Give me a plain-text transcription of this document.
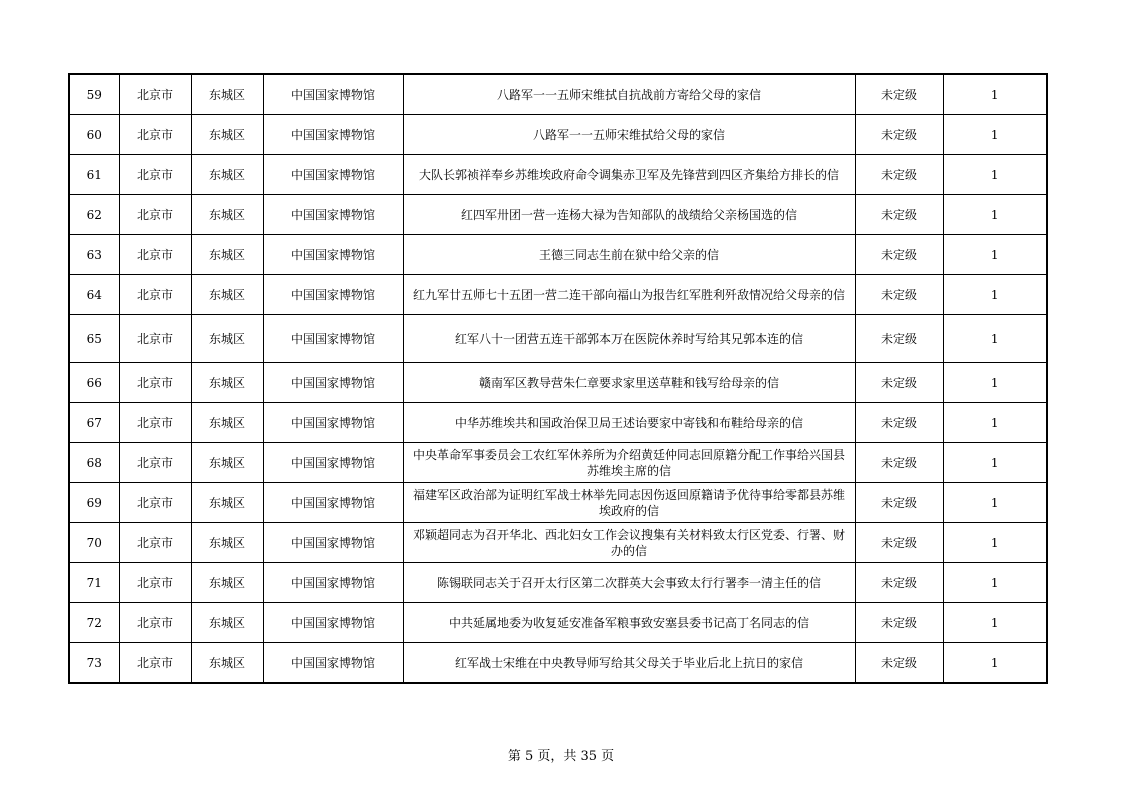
59	北京市	东城区	中国国家博物馆	八路军一一五师宋维拭自抗战前方寄给父母的家信	未定级	1
60	北京市	东城区	中国国家博物馆	八路军一一五师宋维拭给父母的家信	未定级	1
61	北京市	东城区	中国国家博物馆	大队长郭祯祥奉乡苏维埃政府命令调集赤卫军及先锋营到四区齐集给方排长的信	未定级	1
62	北京市	东城区	中国国家博物馆	红四军卅团一营一连杨大禄为告知部队的战绩给父亲杨国选的信	未定级	1
63	北京市	东城区	中国国家博物馆	王德三同志生前在狱中给父亲的信	未定级	1
64	北京市	东城区	中国国家博物馆	红九军廿五师七十五团一营二连干部向福山为报告红军胜利歼敌情况给父母亲的信	未定级	1
65	北京市	东城区	中国国家博物馆	红军八十一团营五连干部郭本万在医院休养时写给其兄郭本连的信	未定级	1
66	北京市	东城区	中国国家博物馆	赣南军区教导营朱仁章要求家里送草鞋和钱写给母亲的信	未定级	1
67	北京市	东城区	中国国家博物馆	中华苏维埃共和国政治保卫局王述诒要家中寄钱和布鞋给母亲的信	未定级	1
68	北京市	东城区	中国国家博物馆	中央革命军事委员会工农红军休养所为介绍黄廷仲同志回原籍分配工作事给兴国县苏维埃主席的信	未定级	1
69	北京市	东城区	中国国家博物馆	福建军区政治部为证明红军战士林举先同志因伤返回原籍请予优待事给零都县苏维埃政府的信	未定级	1
70	北京市	东城区	中国国家博物馆	邓颖超同志为召开华北、西北妇女工作会议搜集有关材料致太行区党委、行署、财办的信	未定级	1
71	北京市	东城区	中国国家博物馆	陈锡联同志关于召开太行区第二次群英大会事致太行行署李一清主任的信	未定级	1
72	北京市	东城区	中国国家博物馆	中共延属地委为收复延安准备军粮事致安塞县委书记高丁名同志的信	未定级	1
73	北京市	东城区	中国国家博物馆	红军战士宋维在中央教导师写给其父母关于毕业后北上抗日的家信	未定级	1
第 5 页，共 35 页
